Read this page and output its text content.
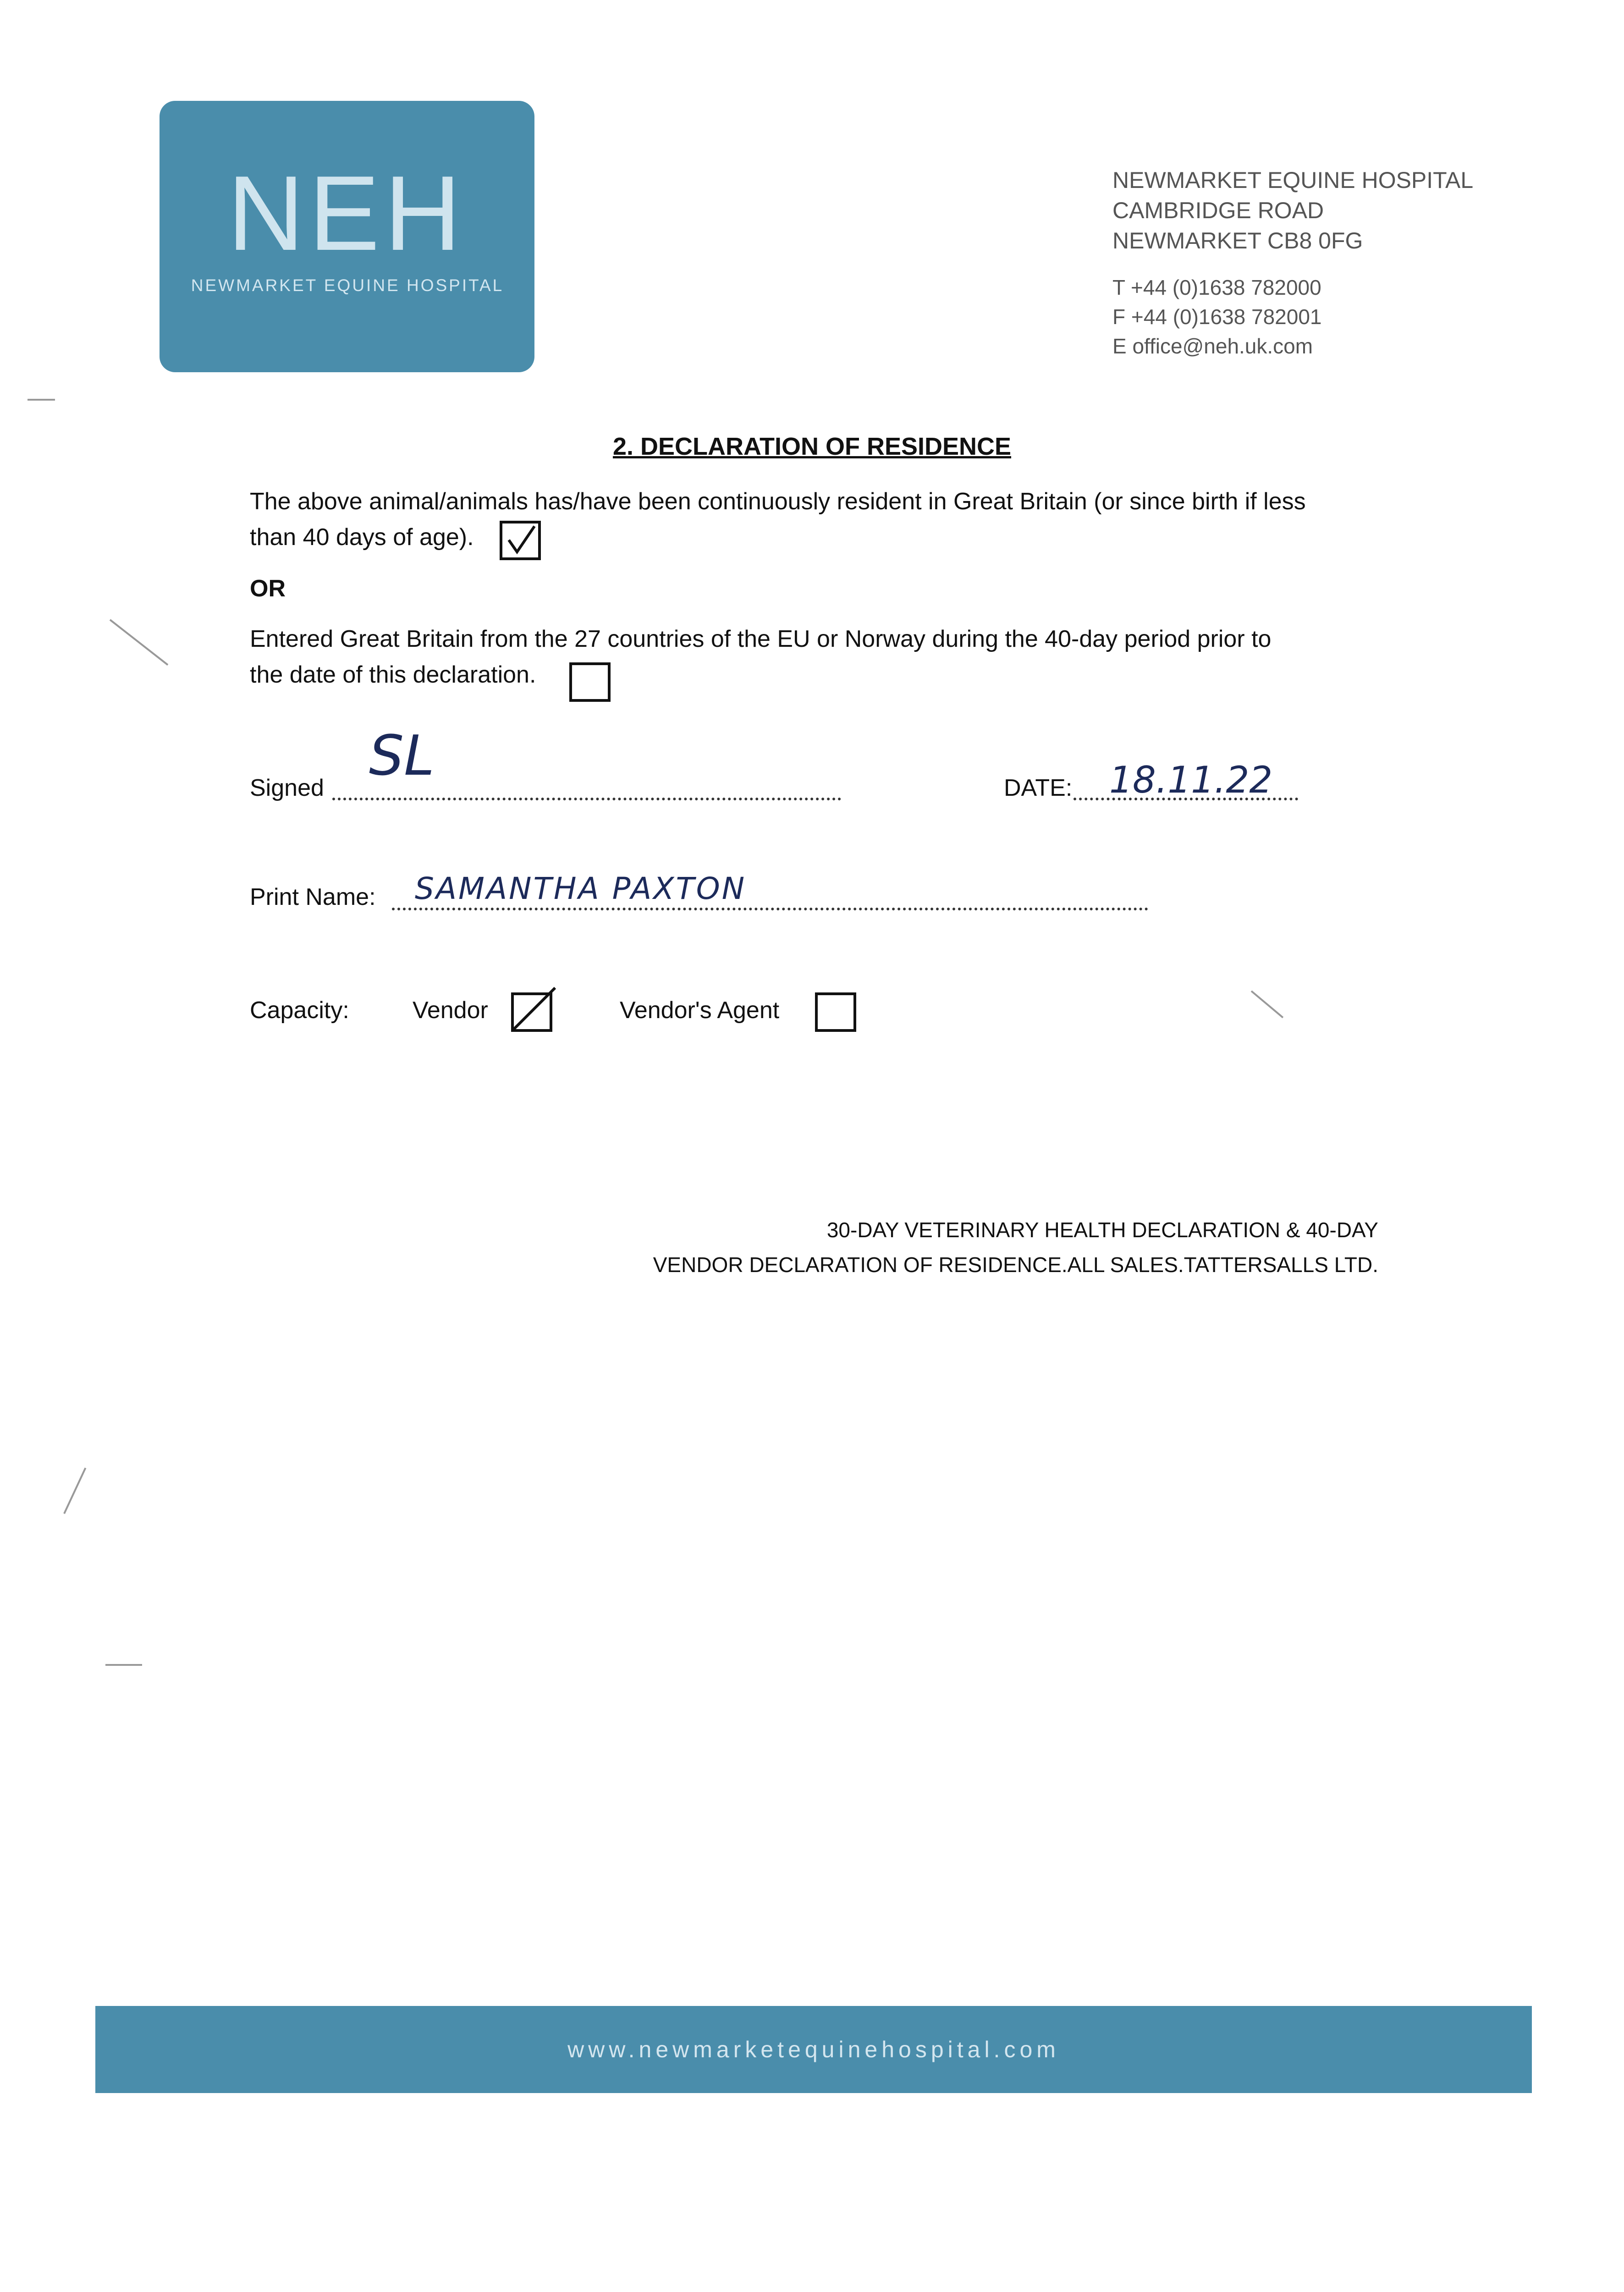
NEH
NEWMARKET EQUINE HOSPITAL
NEWMARKET EQUINE HOSPITAL
CAMBRIDGE ROAD
NEWMARKET CB8 0FG
T +44 (0)1638 782000
F +44 (0)1638 782001
E office@neh.uk.com
2. DECLARATION OF RESIDENCE
The above animal/animals has/have been continuously resident in Great Britain (or since birth if less
than 40 days of age).
OR
Entered Great Britain from the 27 countries of the EU or Norway during the 40-day period prior to
the date of this declaration.
Signed SL	DATE: 18.11.22
Print Name: SAMANTHA PAXTON
Capacity:	Vendor	Vendor's Agent
30-DAY VETERINARY HEALTH DECLARATION & 40-DAY
VENDOR DECLARATION OF RESIDENCE.ALL SALES.TATTERSALLS LTD.
www.newmarketequinehospital.com
